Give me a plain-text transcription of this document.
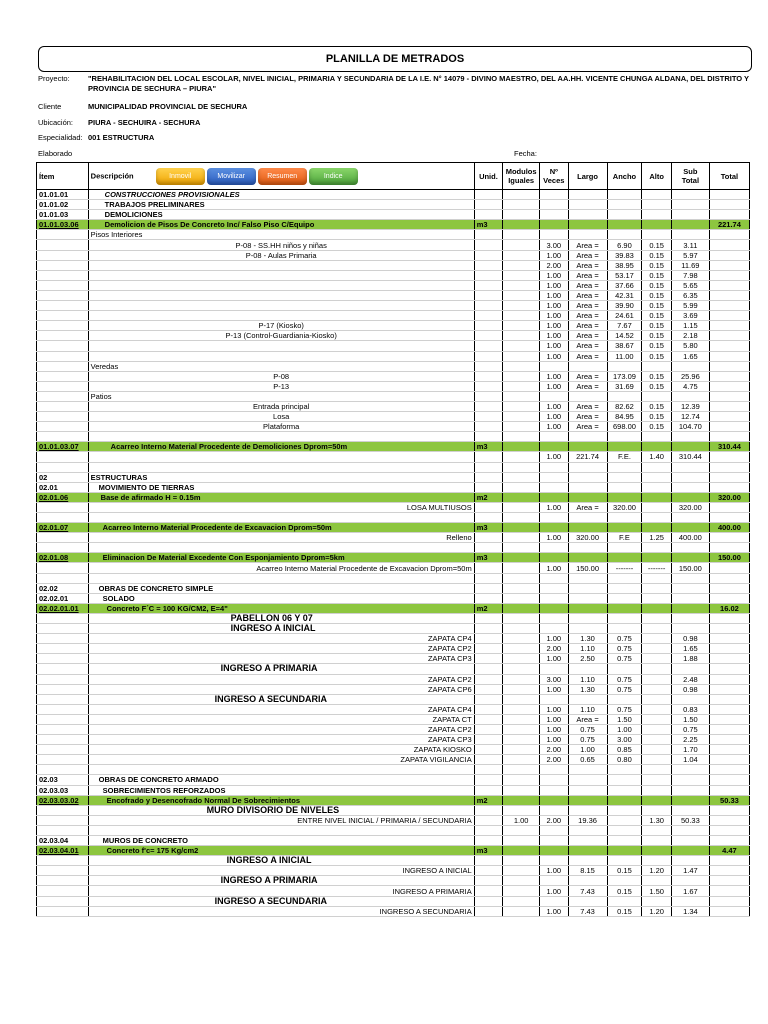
PLANILLA DE METRADOS
Proyecto:	"REHABILITACION DEL LOCAL ESCOLAR, NIVEL INICIAL, PRIMARIA Y SECUNDARIA DE LA I.E. N° 14079 - DIVINO MAESTRO, DEL AA.HH. VICENTE CHUNGA ALDANA, DEL DISTRITO Y PROVINCIA DE SECHURA – PIURA"
Cliente	MUNICIPALIDAD PROVINCIAL DE SECHURA
Ubicación:	PIURA - SECHUIRA - SECHURA
Especialidad: 001 ESTRUCTURA
Elaborado	Fecha:
Ítem	Descripción Inmovil Movilizar Resumen Indice	Unid.	Modulos Iguales	Nº Veces	Largo	Ancho	Alto	Sub Total	Total
01.01.01	CONSTRUCCIONES PROVISIONALES								
01.01.02	TRABAJOS PRELIMINARES								
01.01.03	DEMOLICIONES								
01.01.03.06	Demolicion de Pisos De Concreto Inc/ Falso Piso C/Equipo	m3							221.74
	Pisos Interiores								
	P-08 - SS.HH niños y niñas			3.00	Area =	6.90	0.15	3.11	
	P-08 - Aulas Primaria			1.00	Area =	39.83	0.15	5.97	
				2.00	Area =	38.95	0.15	11.69	
				1.00	Area =	53.17	0.15	7.98	
				1.00	Area =	37.66	0.15	5.65	
				1.00	Area =	42.31	0.15	6.35	
				1.00	Area =	39.90	0.15	5.99	
				1.00	Area =	24.61	0.15	3.69	
	P-17 (Kiosko)			1.00	Area =	7.67	0.15	1.15	
	P-13 (Control-Guardiania-Kiosko)			1.00	Area =	14.52	0.15	2.18	
				1.00	Area =	38.67	0.15	5.80	
				1.00	Area =	11.00	0.15	1.65	
	Veredas								
	P-08			1.00	Area =	173.09	0.15	25.96	
	P-13			1.00	Area =	31.69	0.15	4.75	
	Patios								
	Entrada principal			1.00	Area =	82.62	0.15	12.39	
	Losa			1.00	Area =	84.95	0.15	12.74	
	Plataforma			1.00	Area =	698.00	0.15	104.70	

01.01.03.07	Acarreo Interno Material Procedente de Demoliciones Dprom=50m	m3							310.44
				1.00	221.74	F.E.	1.40	310.44	

02	ESTRUCTURAS								
02.01	MOVIMIENTO DE TIERRAS								
02.01.06	Base de afirmado H = 0.15m	m2							320.00
	LOSA MULTIUSOS			1.00	Area =	320.00		320.00	

02.01.07	Acarreo Interno Material Procedente de Excavacion Dprom=50m	m3							400.00
	Relleno			1.00	320.00	F.E	1.25	400.00	

02.01.08	Eliminacion De Material Excedente Con Esponjamiento Dprom=5km	m3							150.00
	Acarreo Interno Material Procedente de Excavacion Dprom=50m			1.00	150.00	-------	-------	150.00	

02.02	OBRAS DE CONCRETO SIMPLE								
02.02.01	SOLADO								
02.02.01.01	Concreto F´C = 100 KG/CM2, E=4"	m2							16.02
	PABELLON 06 Y 07								
	INGRESO A INICIAL								
	ZAPATA CP4			1.00	1.30	0.75		0.98	
	ZAPATA CP2			2.00	1.10	0.75		1.65	
	ZAPATA CP3			1.00	2.50	0.75		1.88	
	INGRESO A PRIMARIA								
	ZAPATA CP2			3.00	1.10	0.75		2.48	
	ZAPATA CP6			1.00	1.30	0.75		0.98	
	INGRESO A SECUNDARIA								
	ZAPATA CP4			1.00	1.10	0.75		0.83	
	ZAPATA CT			1.00	Area =	1.50		1.50	
	ZAPATA CP2			1.00	0.75	1.00		0.75	
	ZAPATA CP3			1.00	0.75	3.00		2.25	
	ZAPATA KIOSKO			2.00	1.00	0.85		1.70	
	ZAPATA VIGILANCIA			2.00	0.65	0.80		1.04	

02.03	OBRAS DE CONCRETO ARMADO								
02.03.03	SOBRECIMIENTOS REFORZADOS								
02.03.03.02	Encofrado y Desencofrado Normal De Sobrecimientos	m2							50.33
	MURO DIVISORIO DE NIVELES								
	ENTRE NIVEL INICIAL / PRIMARIA / SECUNDARIA		1.00	2.00	19.36		1.30	50.33	

02.03.04	MUROS DE CONCRETO								
02.03.04.01	Concreto f'c= 175 Kg/cm2	m3							4.47
	INGRESO A INICIAL								
	INGRESO A INICIAL			1.00	8.15	0.15	1.20	1.47	
	INGRESO A PRIMARIA								
	INGRESO A PRIMARIA			1.00	7.43	0.15	1.50	1.67	
	INGRESO A SECUNDARIA								
	INGRESO A SECUNDARIA			1.00	7.43	0.15	1.20	1.34	
